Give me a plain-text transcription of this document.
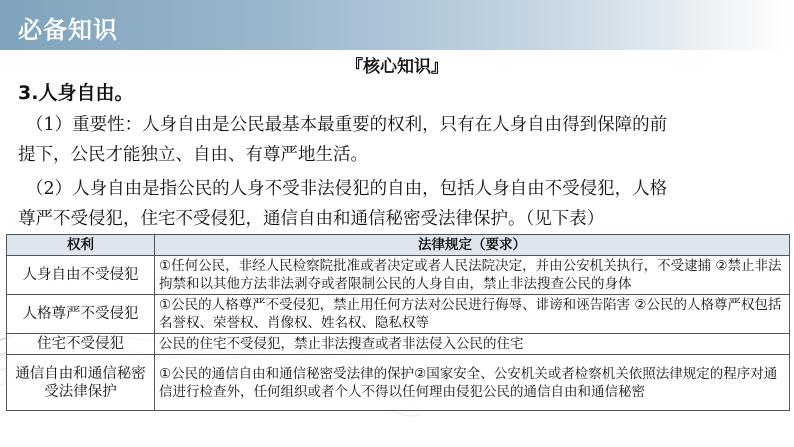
必备知识
『核心知识』
3.人身自由。
（1）重要性：人身自由是公民最基本最重要的权利，只有在人身自由得到保障的前
提下，公民才能独立、自由、有尊严地生活。
（2）人身自由是指公民的人身不受非法侵犯的自由，包括人身自由不受侵犯，人格
尊严不受侵犯，住宅不受侵犯，通信自由和通信秘密受法律保护。（见下表）
权利	法律规定（要求）
人身自由不受侵犯	①任何公民，非经人民检察院批准或者决定或者人民法院决定，并由公安机关执行，不受逮捕 ②禁止非法拘禁和以其他方法非法剥夺或者限制公民的人身自由，禁止非法搜查公民的身体
人格尊严不受侵犯	①公民的人格尊严不受侵犯，禁止用任何方法对公民进行侮辱、诽谤和诬告陷害 ②公民的人格尊严权包括名誉权、荣誉权、肖像权、姓名权、隐私权等
住宅不受侵犯	公民的住宅不受侵犯，禁止非法搜查或者非法侵入公民的住宅
通信自由和通信秘密受法律保护	①公民的通信自由和通信秘密受法律的保护②国家安全、公安机关或者检察机关依照法律规定的程序对通信进行检查外，任何组织或者个人不得以任何理由侵犯公民的通信自由和通信秘密
